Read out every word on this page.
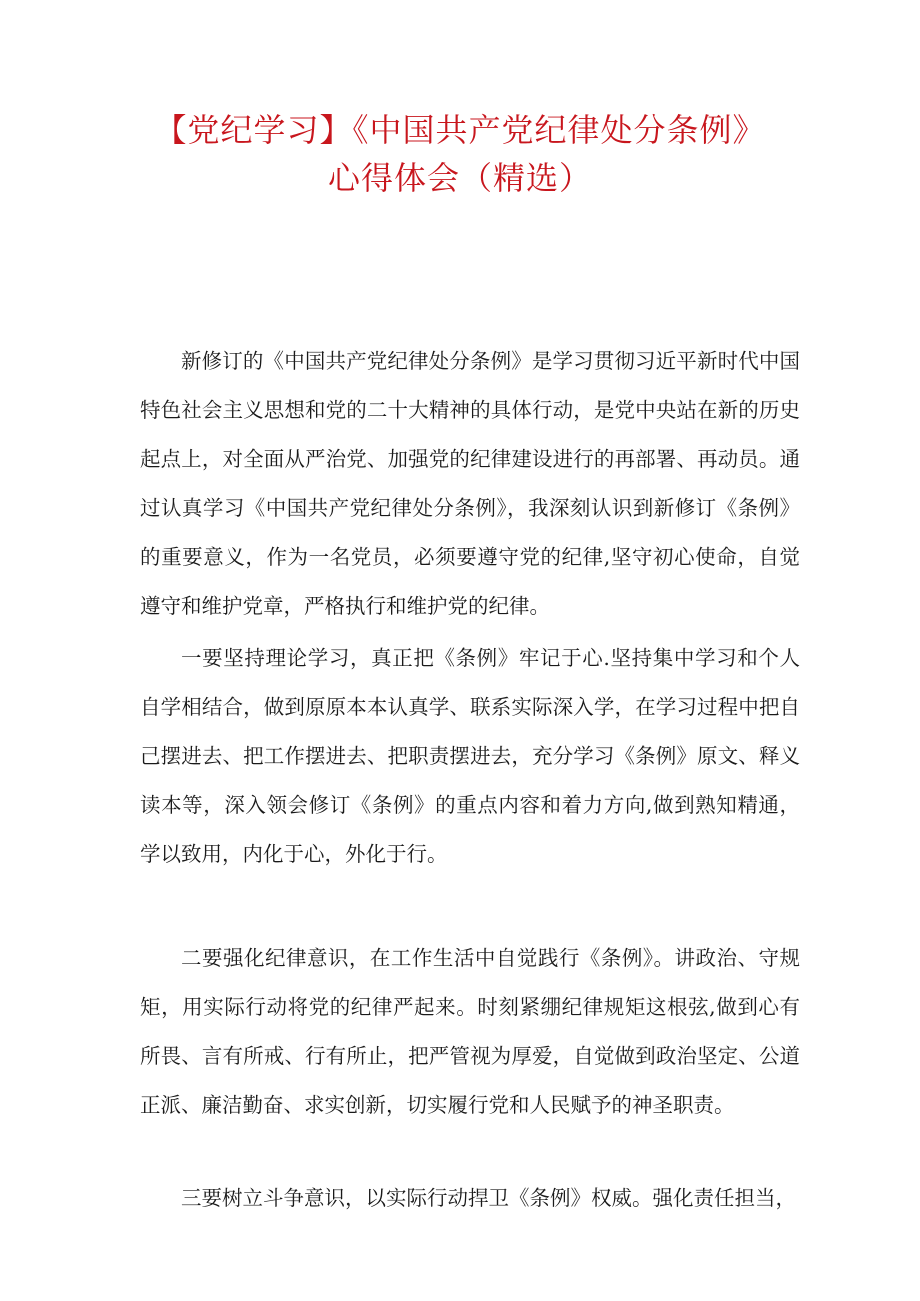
【党纪学习】《中国共产党纪律处分条例》
心得体会（精选）

新修订的《中国共产党纪律处分条例》是学习贯彻习近平新时代中国特色社会主义思想和党的二十大精神的具体行动，是党中央站在新的历史起点上，对全面从严治党、加强党的纪律建设进行的再部署、再动员。通过认真学习《中国共产党纪律处分条例》，我深刻认识到新修订《条例》的重要意义，作为一名党员，必须要遵守党的纪律,坚守初心使命，自觉遵守和维护党章，严格执行和维护党的纪律。

一要坚持理论学习，真正把《条例》牢记于心.坚持集中学习和个人自学相结合，做到原原本本认真学、联系实际深入学，在学习过程中把自己摆进去、把工作摆进去、把职责摆进去，充分学习《条例》原文、释义读本等，深入领会修订《条例》的重点内容和着力方向,做到熟知精通，学以致用，内化于心，外化于行。

二要强化纪律意识，在工作生活中自觉践行《条例》。讲政治、守规矩，用实际行动将党的纪律严起来。时刻紧绷纪律规矩这根弦,做到心有所畏、言有所戒、行有所止，把严管视为厚爱，自觉做到政治坚定、公道正派、廉洁勤奋、求实创新，切实履行党和人民赋予的神圣职责。

三要树立斗争意识，以实际行动捍卫《条例》权威。强化责任担当，
